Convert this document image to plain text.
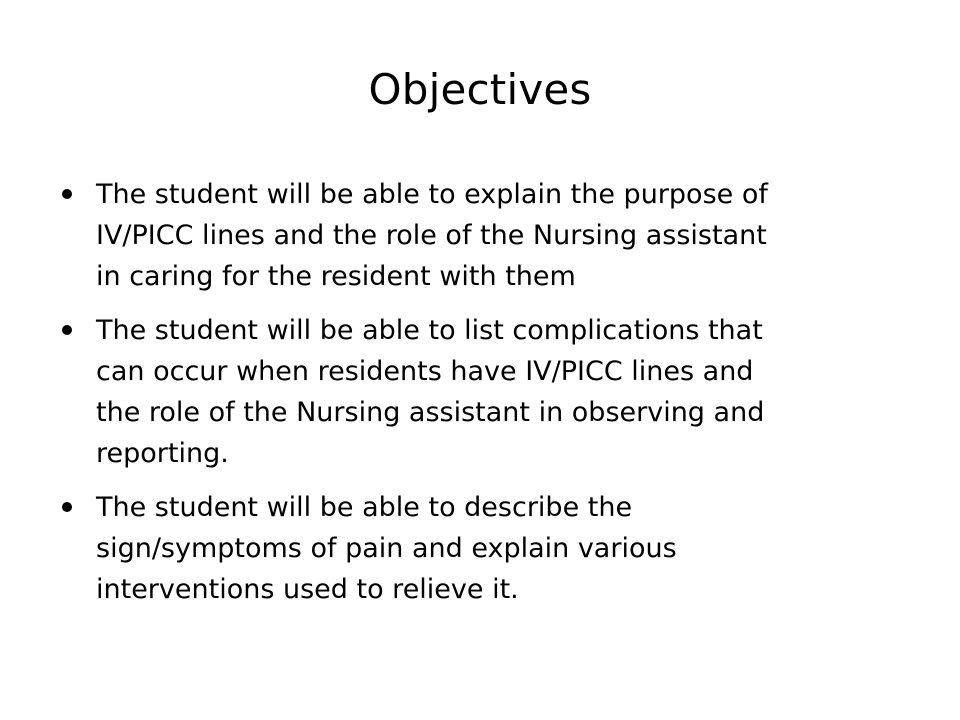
Objectives
The student will be able to explain the purpose of
IV/PICC lines and the role of the Nursing assistant
in caring for the resident with them
The student will be able to list complications that
can occur when residents have IV/PICC lines and
the role of the Nursing assistant in observing and
reporting.
The student will be able to describe the
sign/symptoms of pain and explain various
interventions used to relieve it.
